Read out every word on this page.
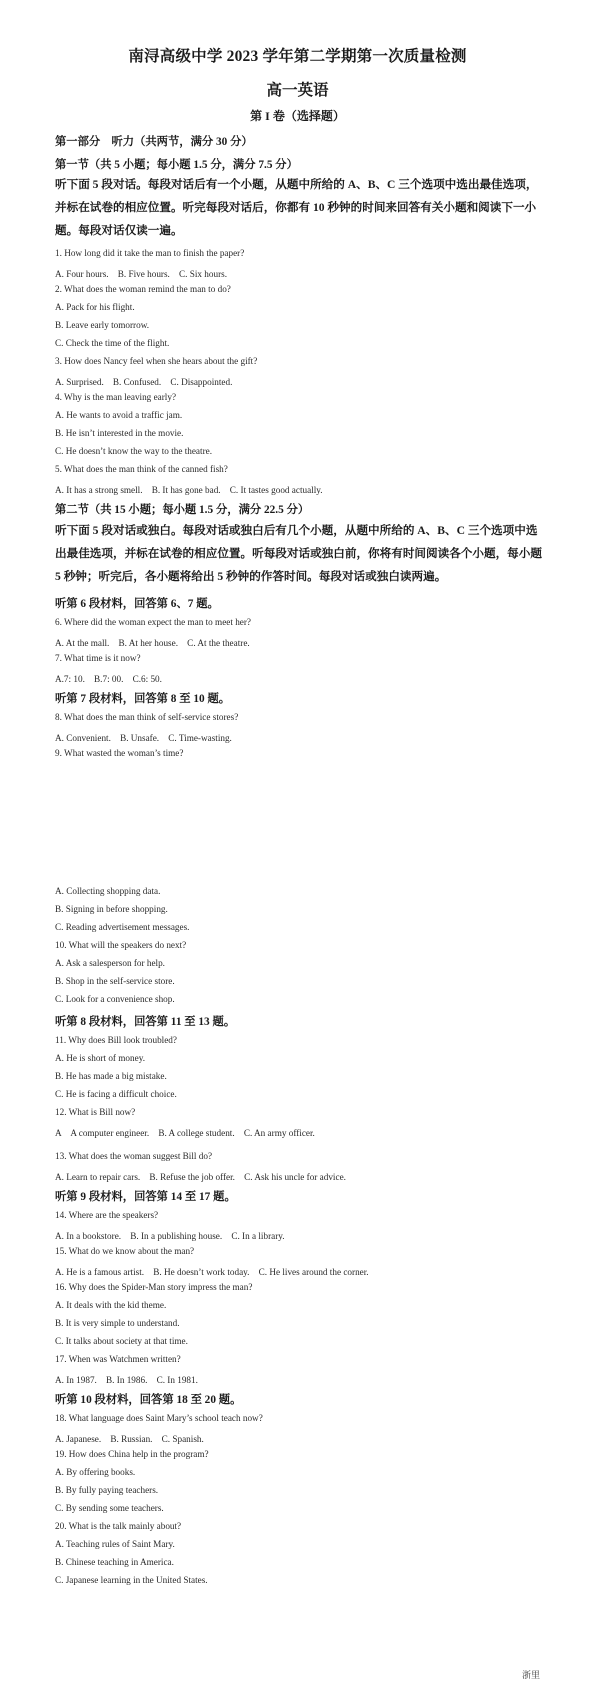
南浔高级中学 2023 学年第二学期第一次质量检测
高一英语
第 I 卷（选择题）
第一部分　听力（共两节，满分 30 分）
第一节（共 5 小题；每小题 1.5 分，满分 7.5 分）
听下面 5 段对话。每段对话后有一个小题，从题中所给的 A、B、C 三个选项中选出最佳选项，并标在试卷的相应位置。听完每段对话后，你都有 10 秒钟的时间来回答有关小题和阅读下一小题。每段对话仅读一遍。
1. How long did it take the man to finish the paper?
A. Four hours.　B. Five hours.　C. Six hours.
2. What does the woman remind the man to do?
A. Pack for his flight.
B. Leave early tomorrow.
C. Check the time of the flight.
3. How does Nancy feel when she hears about the gift?
A. Surprised.　B. Confused.　C. Disappointed.
4. Why is the man leaving early?
A. He wants to avoid a traffic jam.
B. He isn’t interested in the movie.
C. He doesn’t know the way to the theatre.
5. What does the man think of the canned fish?
A. It has a strong smell.　B. It has gone bad.　C. It tastes good actually.
第二节（共 15 小题；每小题 1.5 分，满分 22.5 分）
听下面 5 段对话或独白。每段对话或独白后有几个小题，从题中所给的 A、B、C 三个选项中选出最佳选项，并标在试卷的相应位置。听每段对话或独白前，你将有时间阅读各个小题，每小题 5 秒钟；听完后，各小题将给出 5 秒钟的作答时间。每段对话或独白读两遍。
听第 6 段材料，回答第 6、7 题。
6. Where did the woman expect the man to meet her?
A. At the mall.　B. At her house.　C. At the theatre.
7. What time is it now?
A.7: 10.　B.7: 00.　C.6: 50.
听第 7 段材料，回答第 8 至 10 题。
8. What does the man think of self-service stores?
A. Convenient.　B. Unsafe.　C. Time-wasting.
9. What wasted the woman’s time?
A. Collecting shopping data.
B. Signing in before shopping.
C. Reading advertisement messages.
10. What will the speakers do next?
A. Ask a salesperson for help.
B. Shop in the self-service store.
C. Look for a convenience shop.
听第 8 段材料，回答第 11 至 13 题。
11. Why does Bill look troubled?
A. He is short of money.
B. He has made a big mistake.
C. He is facing a difficult choice.
12. What is Bill now?
A　A computer engineer.　B. A college student.　C. An army officer.
13. What does the woman suggest Bill do?
A. Learn to repair cars.　B. Refuse the job offer.　C. Ask his uncle for advice.
听第 9 段材料，回答第 14 至 17 题。
14. Where are the speakers?
A. In a bookstore.　B. In a publishing house.　C. In a library.
15. What do we know about the man?
A. He is a famous artist.　B. He doesn’t work today.　C. He lives around the corner.
16. Why does the Spider-Man story impress the man?
A. It deals with the kid theme.
B. It is very simple to understand.
C. It talks about society at that time.
17. When was Watchmen written?
A. In 1987.　B. In 1986.　C. In 1981.
听第 10 段材料，回答第 18 至 20 题。
18. What language does Saint Mary’s school teach now?
A. Japanese.　B. Russian.　C. Spanish.
19. How does China help in the program?
A. By offering books.
B. By fully paying teachers.
C. By sending some teachers.
20. What is the talk mainly about?
A. Teaching rules of Saint Mary.
B. Chinese teaching in America.
C. Japanese learning in the United States.
浙里
